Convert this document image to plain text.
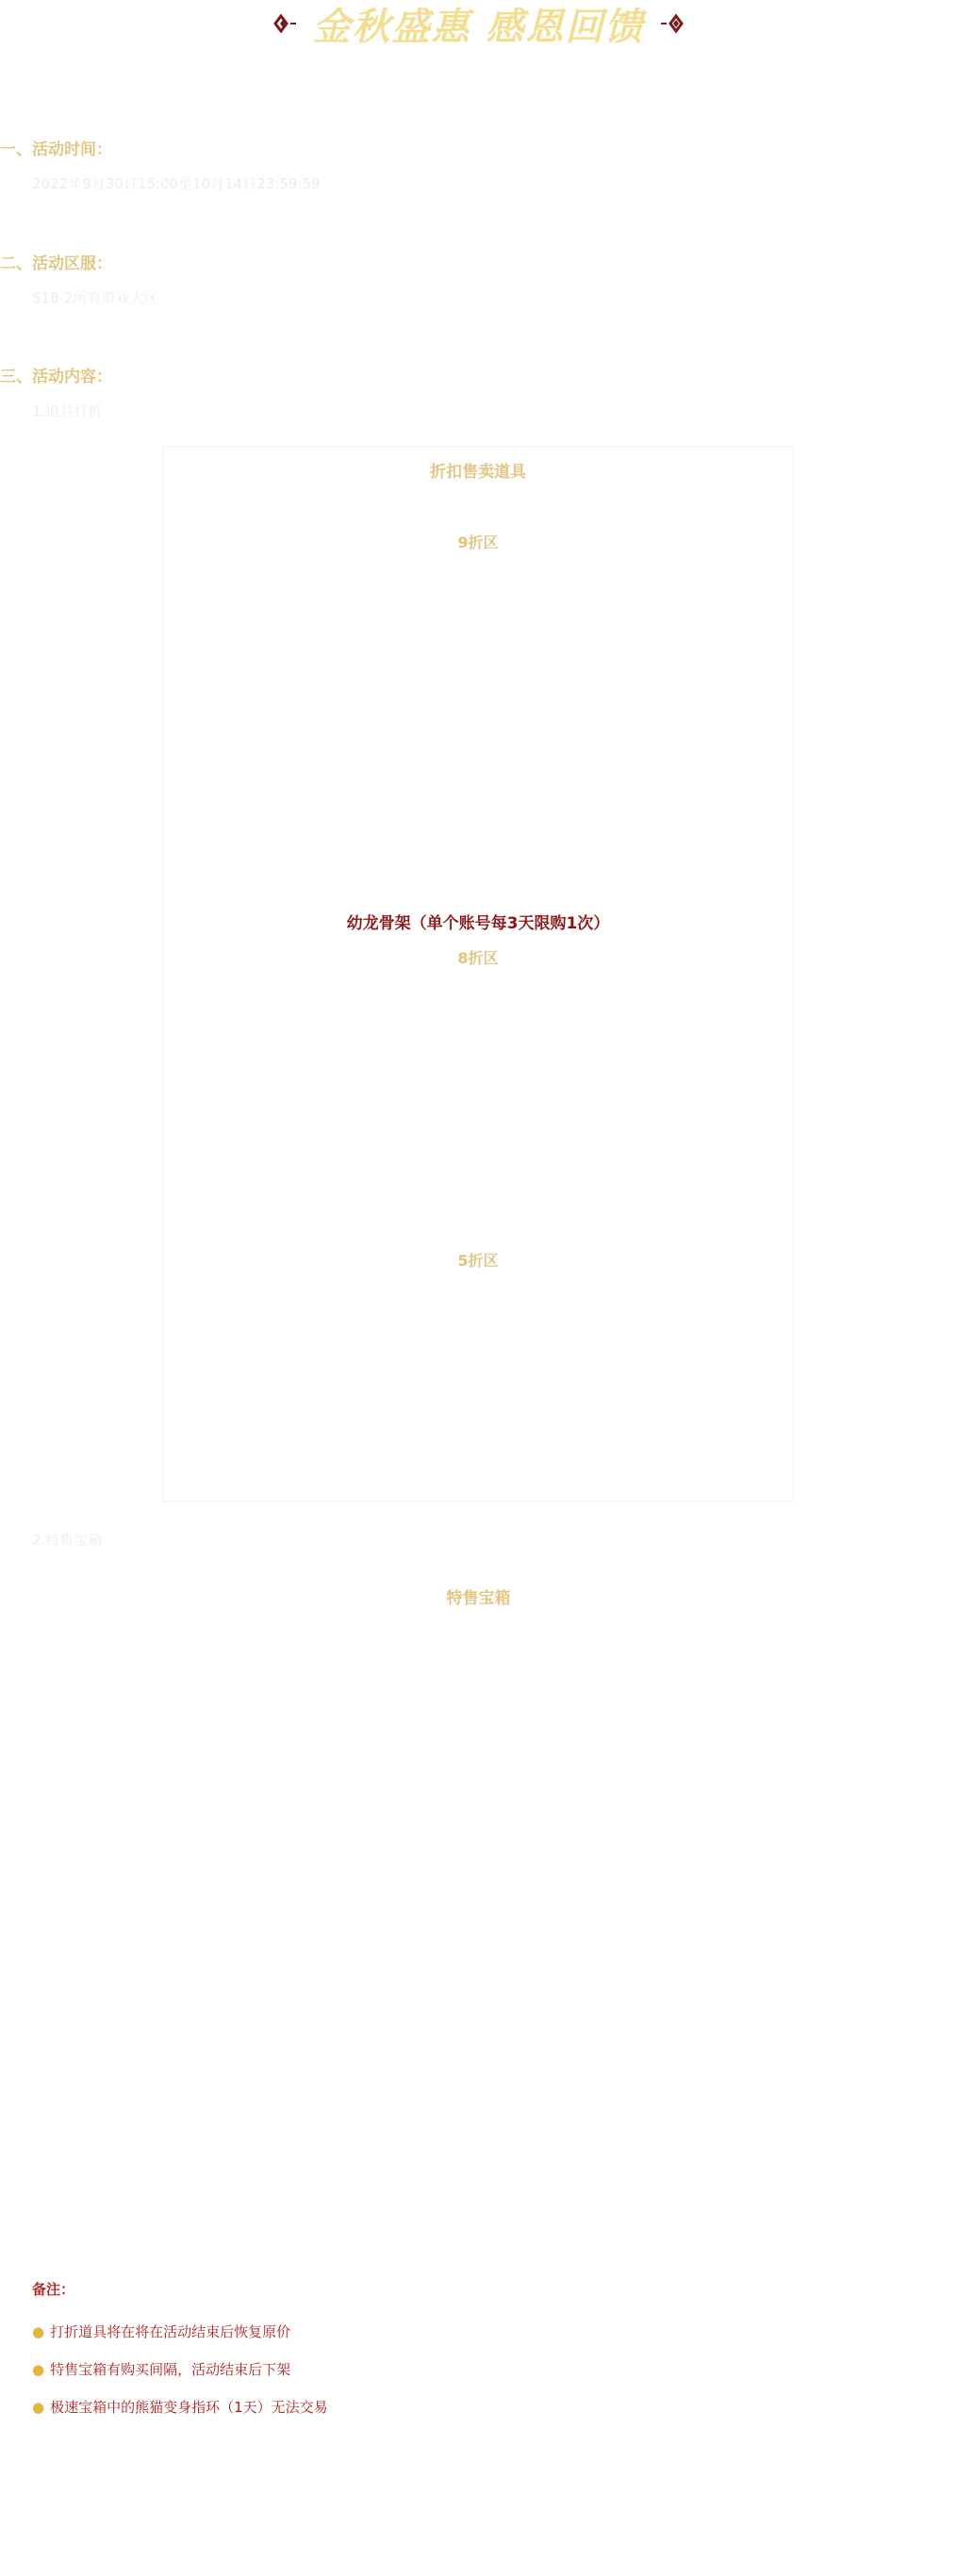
金秋盛惠 感恩回馈
一、活动时间：
2022年9月30日15:00至10月14日23:59:59
二、活动区服：
S18-2所有游戏大区
三、活动内容：
1.道具打折
折扣售卖道具
9折区
幼龙骨架（单个账号每3天限购1次）
8折区
5折区
2.特售宝箱
特售宝箱
备注：
● 打折道具将在将在活动结束后恢复原价
● 特售宝箱有购买间隔，活动结束后下架
● 极速宝箱中的熊猫变身指环（1天）无法交易
